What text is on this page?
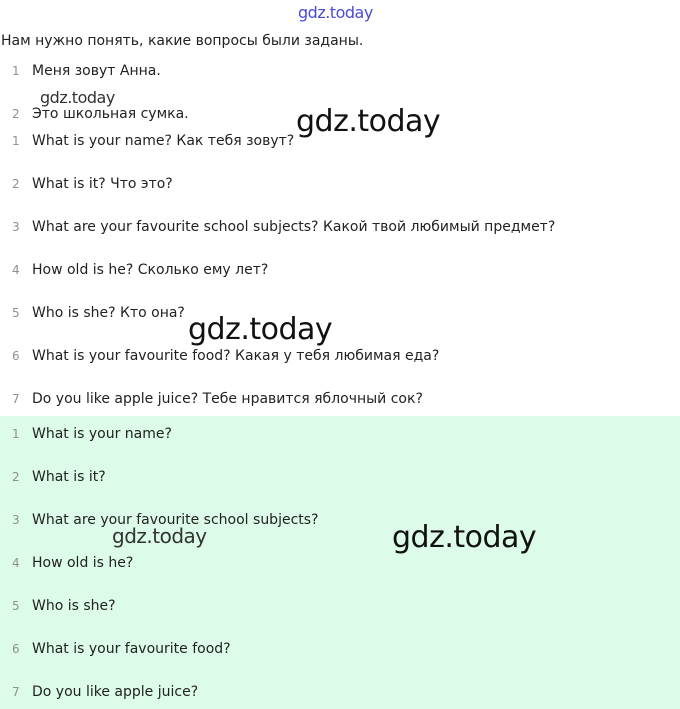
gdz.today
Нам нужно понять, какие вопросы были заданы.
1 Меня зовут Анна.
2 Это школьная сумка.
1 What is your name? Как тебя зовут?
2 What is it? Что это?
3 What are your favourite school subjects? Какой твой любимый предмет?
4 How old is he? Сколько ему лет?
5 Who is she? Кто она?
6 What is your favourite food? Какая у тебя любимая еда?
7 Do you like apple juice? Тебе нравится яблочный сок?
1 What is your name?
2 What is it?
3 What are your favourite school subjects?
4 How old is he?
5 Who is she?
6 What is your favourite food?
7 Do you like apple juice?
gdz.today
gdz.today
gdz.today
gdz.today	gdz.today
